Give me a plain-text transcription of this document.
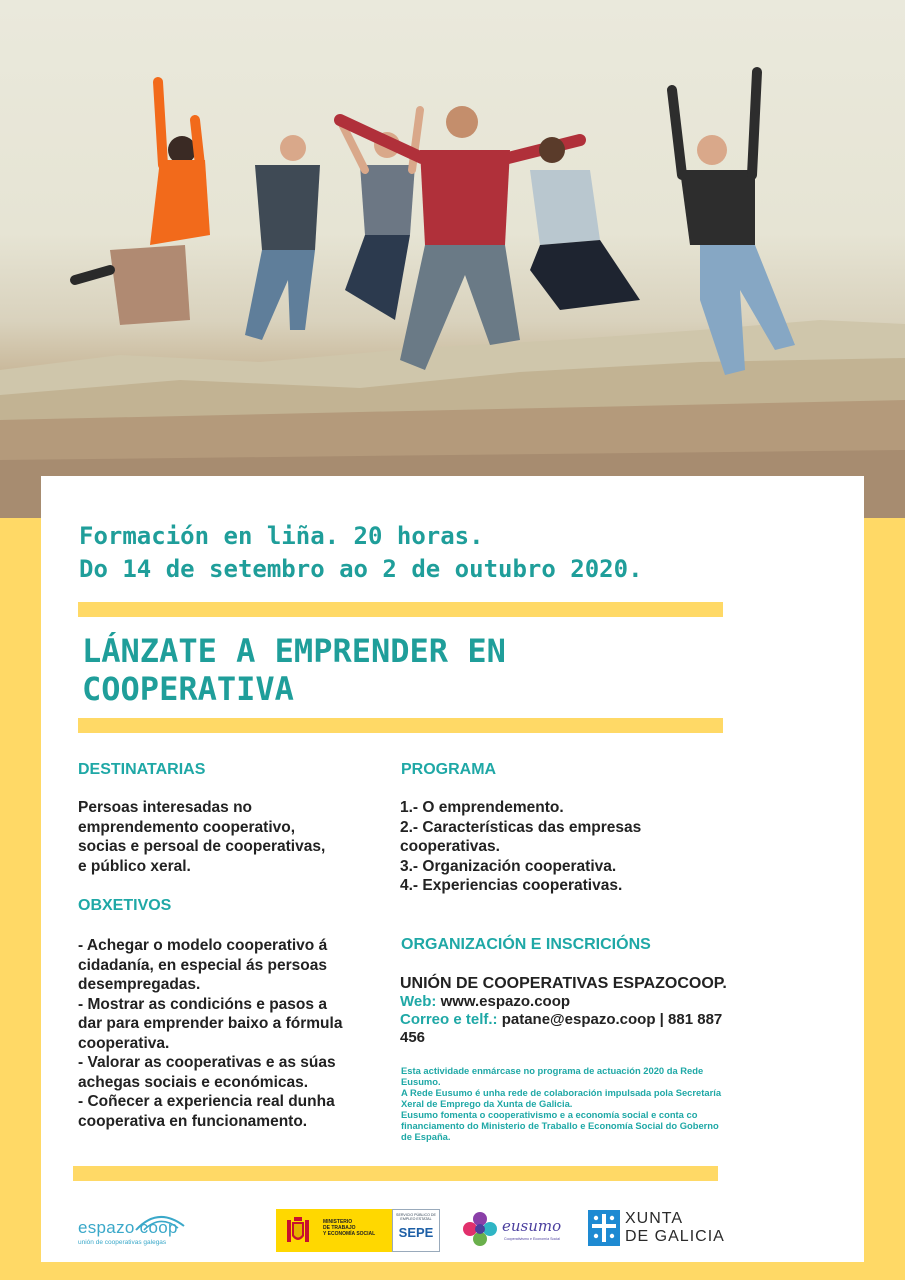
Formación en liña. 20 horas.
Do 14 de setembro ao 2 de outubro 2020.
LÁNZATE A EMPRENDER EN
COOPERATIVA
DESTINATARIAS
Persoas interesadas no
emprendemento cooperativo,
socias e persoal de cooperativas,
e público xeral.
OBXETIVOS
- Achegar o modelo cooperativo á
cidadanía, en especial ás persoas
desempregadas.
- Mostrar as condicións e pasos a
dar para emprender baixo a fórmula
cooperativa.
- Valorar as cooperativas e as súas
achegas sociais e económicas.
- Coñecer a experiencia real dunha
cooperativa en funcionamento.
PROGRAMA
1.- O emprendemento.
2.- Características das empresas
cooperativas.
3.- Organización cooperativa.
4.- Experiencias cooperativas.
ORGANIZACIÓN E INSCRICIÓNS
UNIÓN DE COOPERATIVAS ESPAZOCOOP.
Web: www.espazo.coop
Correo e telf.: patane@espazo.coop | 881 887
456
Esta actividade enmárcase no programa de actuación 2020 da Rede
Eusumo.
A Rede Eusumo é unha rede de colaboración impulsada pola Secretaría
Xeral de Emprego da Xunta de Galicia.
Eusumo fomenta o cooperativismo e a economía social e conta co
financiamento do Ministerio de Traballo e Economía Social do Goberno
de España.
espazo coop
unión de cooperativas galegas
MINISTERIO
DE TRABAJO
Y ECONOMÍA SOCIAL
SERVICIO PÚBLICO DE EMPLEO ESTATAL
SEPE	eusumo
Cooperativismo e Economía Social
XUNTA
DE GALICIA
